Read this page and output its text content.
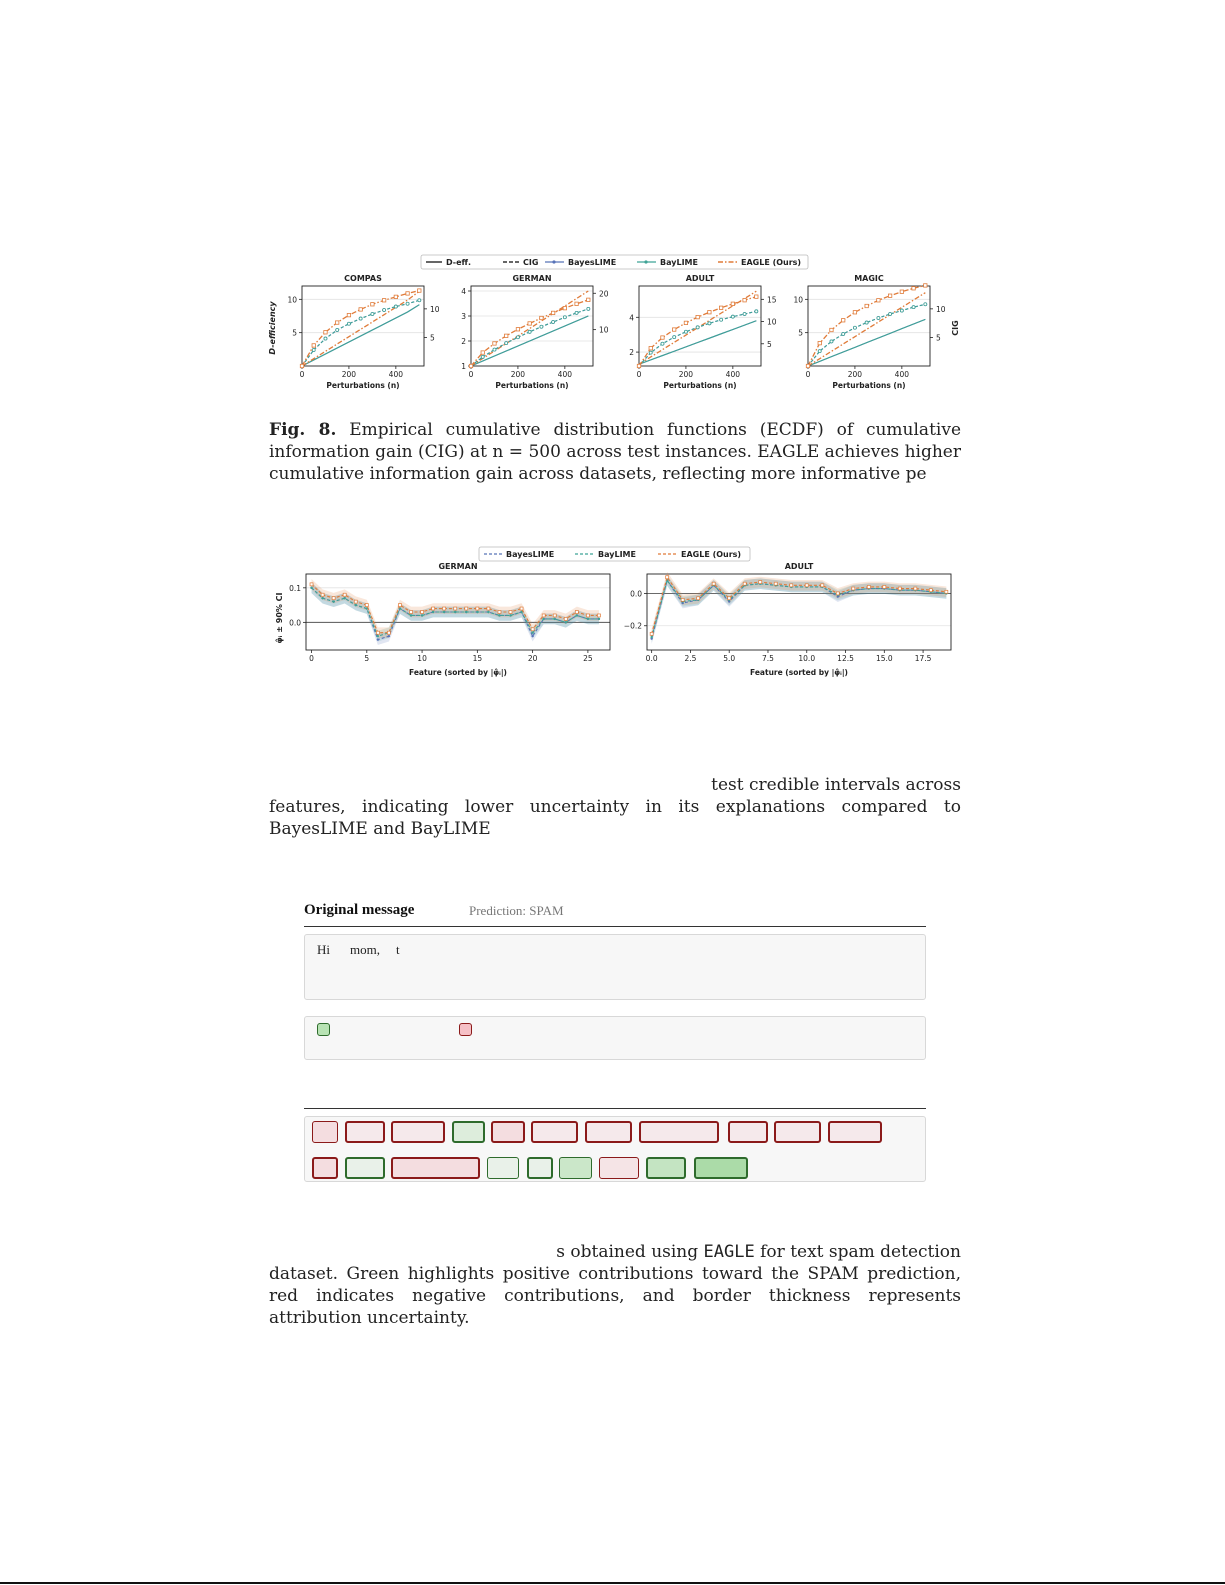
D-eff.	CIG	BayesLIME	BayLIME	EAGLE (Ours)
D-efficiency	CIG
COMPAS
0	200	400
5
10
5
10
Perturbations (n)
GERMAN
0	200	400
1
2
3
4
10
20
Perturbations (n)
ADULT
0	200	400
2
4
5
10
15
Perturbations (n)
MAGIC
0	200	400
5
10
5
10
Perturbations (n)
Fig. 8. Empirical cumulative distribution functions (ECDF) of cumulative information gain (CIG) at n = 500 across test instances. EAGLE achieves higher cumulative information gain across datasets, reflecting more informative pe
BayesLIME	BayLIME	EAGLE (Ours)
φ̂ᵢ ± 90% CI
GERMAN
0	5	10	15	20	25
0.0
0.1
Feature (sorted by |φ̂ᵢ|)
ADULT
0.0	2.5	5.0	7.5	10.0	12.5	15.0	17.5
−0.2
0.0
Feature (sorted by |φ̂ᵢ|)
test credible intervals across
features, indicating lower uncertainty in its explanations compared to BayesLIME and BayLIME
Original message	Prediction: SPAM
Hi mom, t
s obtained using EAGLE for text spam detection
dataset. Green highlights positive contributions toward the SPAM prediction, red indicates negative contributions, and border thickness represents attribution uncertainty.
